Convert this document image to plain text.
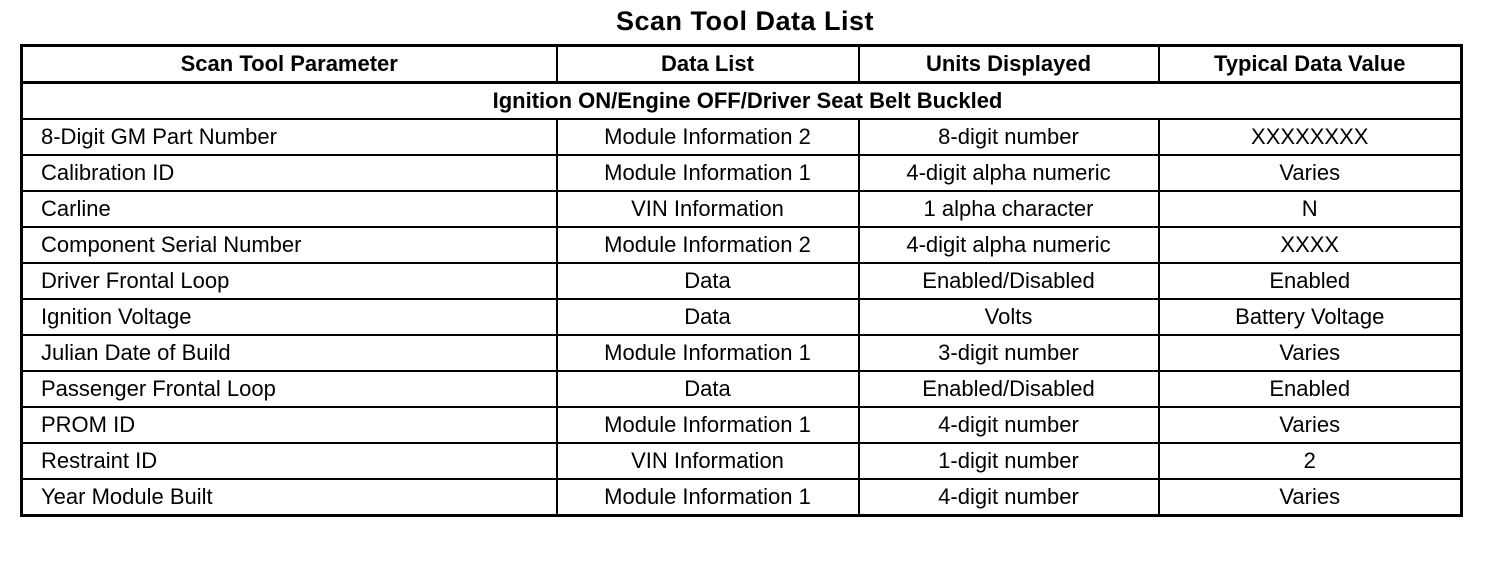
Scan Tool Data List
Scan Tool Parameter	Data List	Units Displayed	Typical Data Value
Ignition ON/Engine OFF/Driver Seat Belt Buckled			
8-Digit GM Part Number	Module Information 2	8-digit number	XXXXXXXX
Calibration ID	Module Information 1	4-digit alpha numeric	Varies
Carline	VIN Information	1 alpha character	N
Component Serial Number	Module Information 2	4-digit alpha numeric	XXXX
Driver Frontal Loop	Data	Enabled/Disabled	Enabled
Ignition Voltage	Data	Volts	Battery Voltage
Julian Date of Build	Module Information 1	3-digit number	Varies
Passenger Frontal Loop	Data	Enabled/Disabled	Enabled
PROM ID	Module Information 1	4-digit number	Varies
Restraint ID	VIN Information	1-digit number	2
Year Module Built	Module Information 1	4-digit number	Varies
